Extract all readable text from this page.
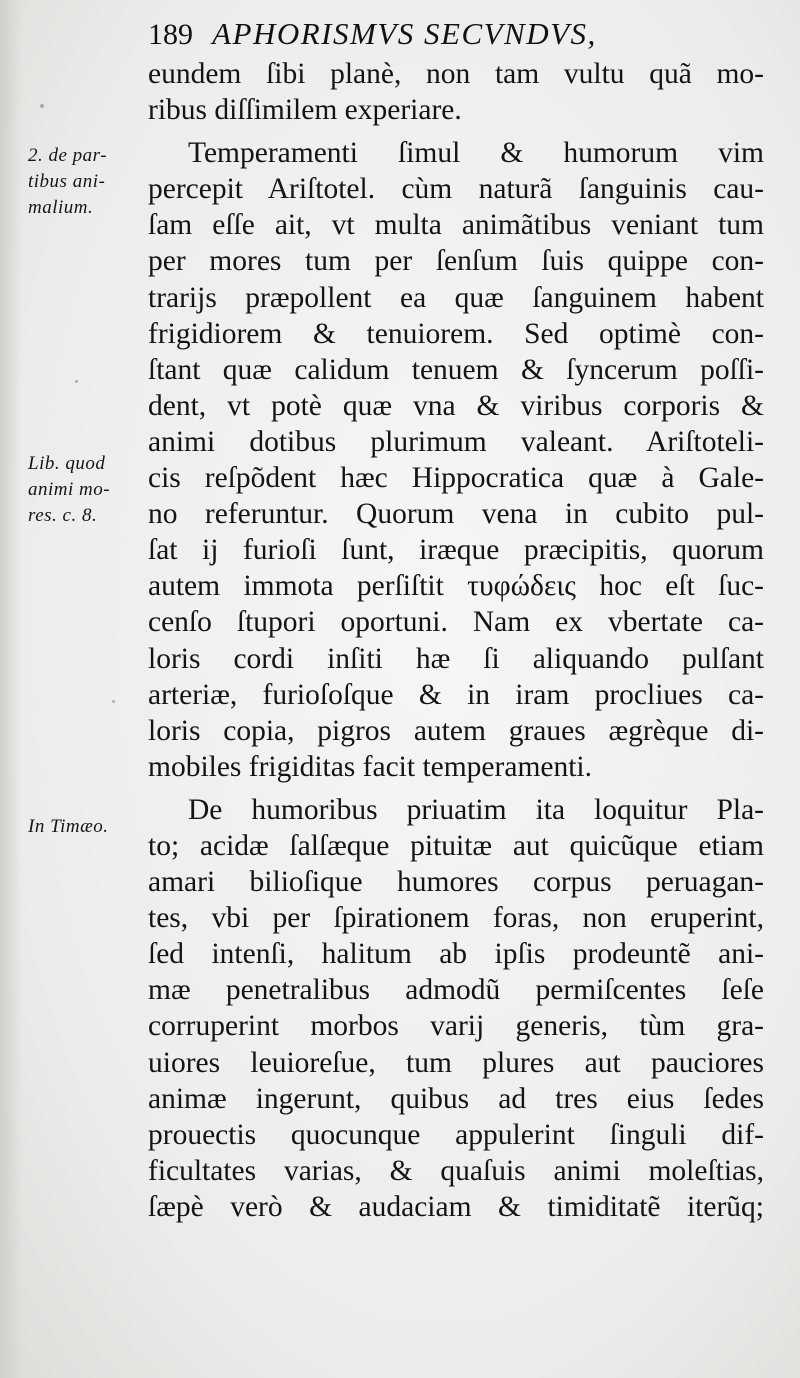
189 APHORISMVS SECVNDVS,
2. de par-
tibus ani-
malium.
Lib. quod
animi mo-
res. c. 8.
In Timæo.
eundem ſibi planè, non tam vultu quã mo-
ribus diſſimilem experiare.
Temperamenti ſimul & humorum vim
percepit Ariſtotel. cùm naturã ſanguinis cau-
ſam eſſe ait, vt multa animãtibus veniant tum
per mores tum per ſenſum ſuis quippe con-
trarijs præpollent ea quæ ſanguinem habent
frigidiorem & tenuiorem. Sed optimè con-
ſtant quæ calidum tenuem & ſyncerum poſſi-
dent, vt potè quæ vna & viribus corporis &
animi dotibus plurimum valeant. Ariſtoteli-
cis reſpõdent hæc Hippocratica quæ à Gale-
no referuntur. Quorum vena in cubito pul-
ſat ij furioſi ſunt, iræque præcipitis, quorum
autem immota perſiſtit τυφώδεις hoc eſt ſuc-
cenſo ſtupori oportuni. Nam ex vbertate ca-
loris cordi inſiti hæ ſi aliquando pulſant
arteriæ, furioſoſque & in iram procliues ca-
loris copia, pigros autem graues ægrèque di-
mobiles frigiditas facit temperamenti.
De humoribus priuatim ita loquitur Pla-
to; acidæ ſalſæque pituitæ aut quicũque etiam
amari bilioſique humores corpus peruagan-
tes, vbi per ſpirationem foras, non eruperint,
ſed intenſi, halitum ab ipſis prodeuntẽ ani-
mæ penetralibus admodũ permiſcentes ſeſe
corruperint morbos varij generis, tùm gra-
uiores leuioreſue, tum plures aut pauciores
animæ ingerunt, quibus ad tres eius ſedes
prouectis quocunque appulerint ſinguli dif-
ficultates varias, & quaſuis animi moleſtias,
ſæpè verò & audaciam & timiditatẽ iterũq;
